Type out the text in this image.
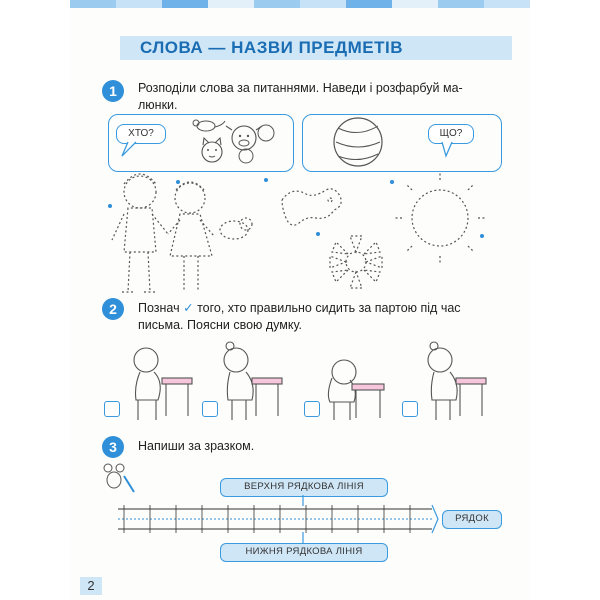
СЛОВА — НАЗВИ ПРЕДМЕТІВ
1	Розподіли слова за питаннями. Наведи і розфарбуй ма-
люнки.
ХТО?	ЩО?
2	Познач ✓ того, хто правильно сидить за партою під час
письма. Поясни свою думку.
3	Напиши за зразком.
ВЕРХНЯ РЯДКОВА ЛІНІЯ
НИЖНЯ РЯДКОВА ЛІНІЯ
РЯДОК
2
